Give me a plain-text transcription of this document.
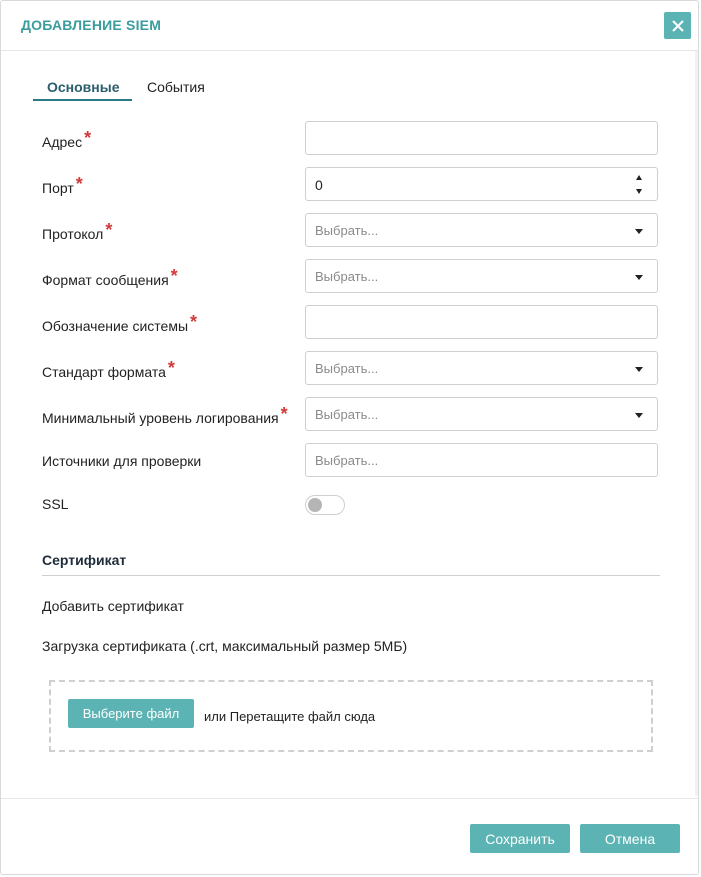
ДОБАВЛЕНИЕ SIEM
Основные События
Адрес *
Порт *	0
Протокол *	Выбрать...
Формат сообщения *	Выбрать...
Обозначение системы *
Стандарт формата *	Выбрать...
Минимальный уровень логирования * Выбрать...
Источники для проверки	Выбрать...
SSL
Сертификат
Добавить сертификат
Загрузка сертификата (.crt, максимальный размер 5МБ)
Выберите файл	или Перетащите файл сюда
Сохранить	Отмена
